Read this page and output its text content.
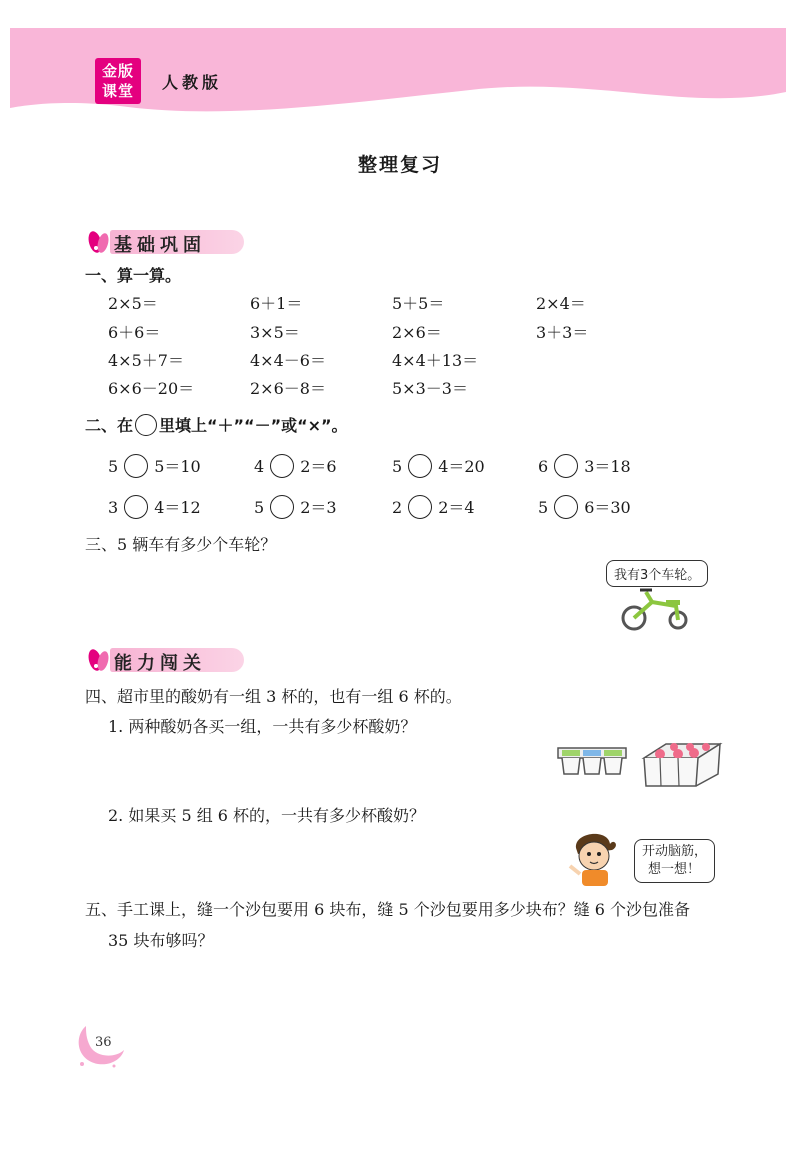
金版
课堂	人教版
整理复习
基础巩固
一、算一算。
2×5＝	6＋1＝	5＋5＝	2×4＝
6＋6＝	3×5＝	2×6＝	3＋3＝
4×5＋7＝	4×4－6＝	4×4＋13＝
6×6－20＝	2×6－8＝	5×3－3＝
二、在 里填上“＋”“－”或“×”。
5 5＝10	4 2＝6	5 4＝20	6 3＝18
3 4＝12	5 2＝3	2 2＝4	5 6＝30
三、5 辆车有多少个车轮？
我有3个车轮。
能力闯关
四、超市里的酸奶有一组 3 杯的，也有一组 6 杯的。
1. 两种酸奶各买一组，一共有多少杯酸奶？
2. 如果买 5 组 6 杯的，一共有多少杯酸奶？
开动脑筋，
想一想！
五、手工课上，缝一个沙包要用 6 块布，缝 5 个沙包要用多少块布？缝 6 个沙包准备
35 块布够吗？
36
